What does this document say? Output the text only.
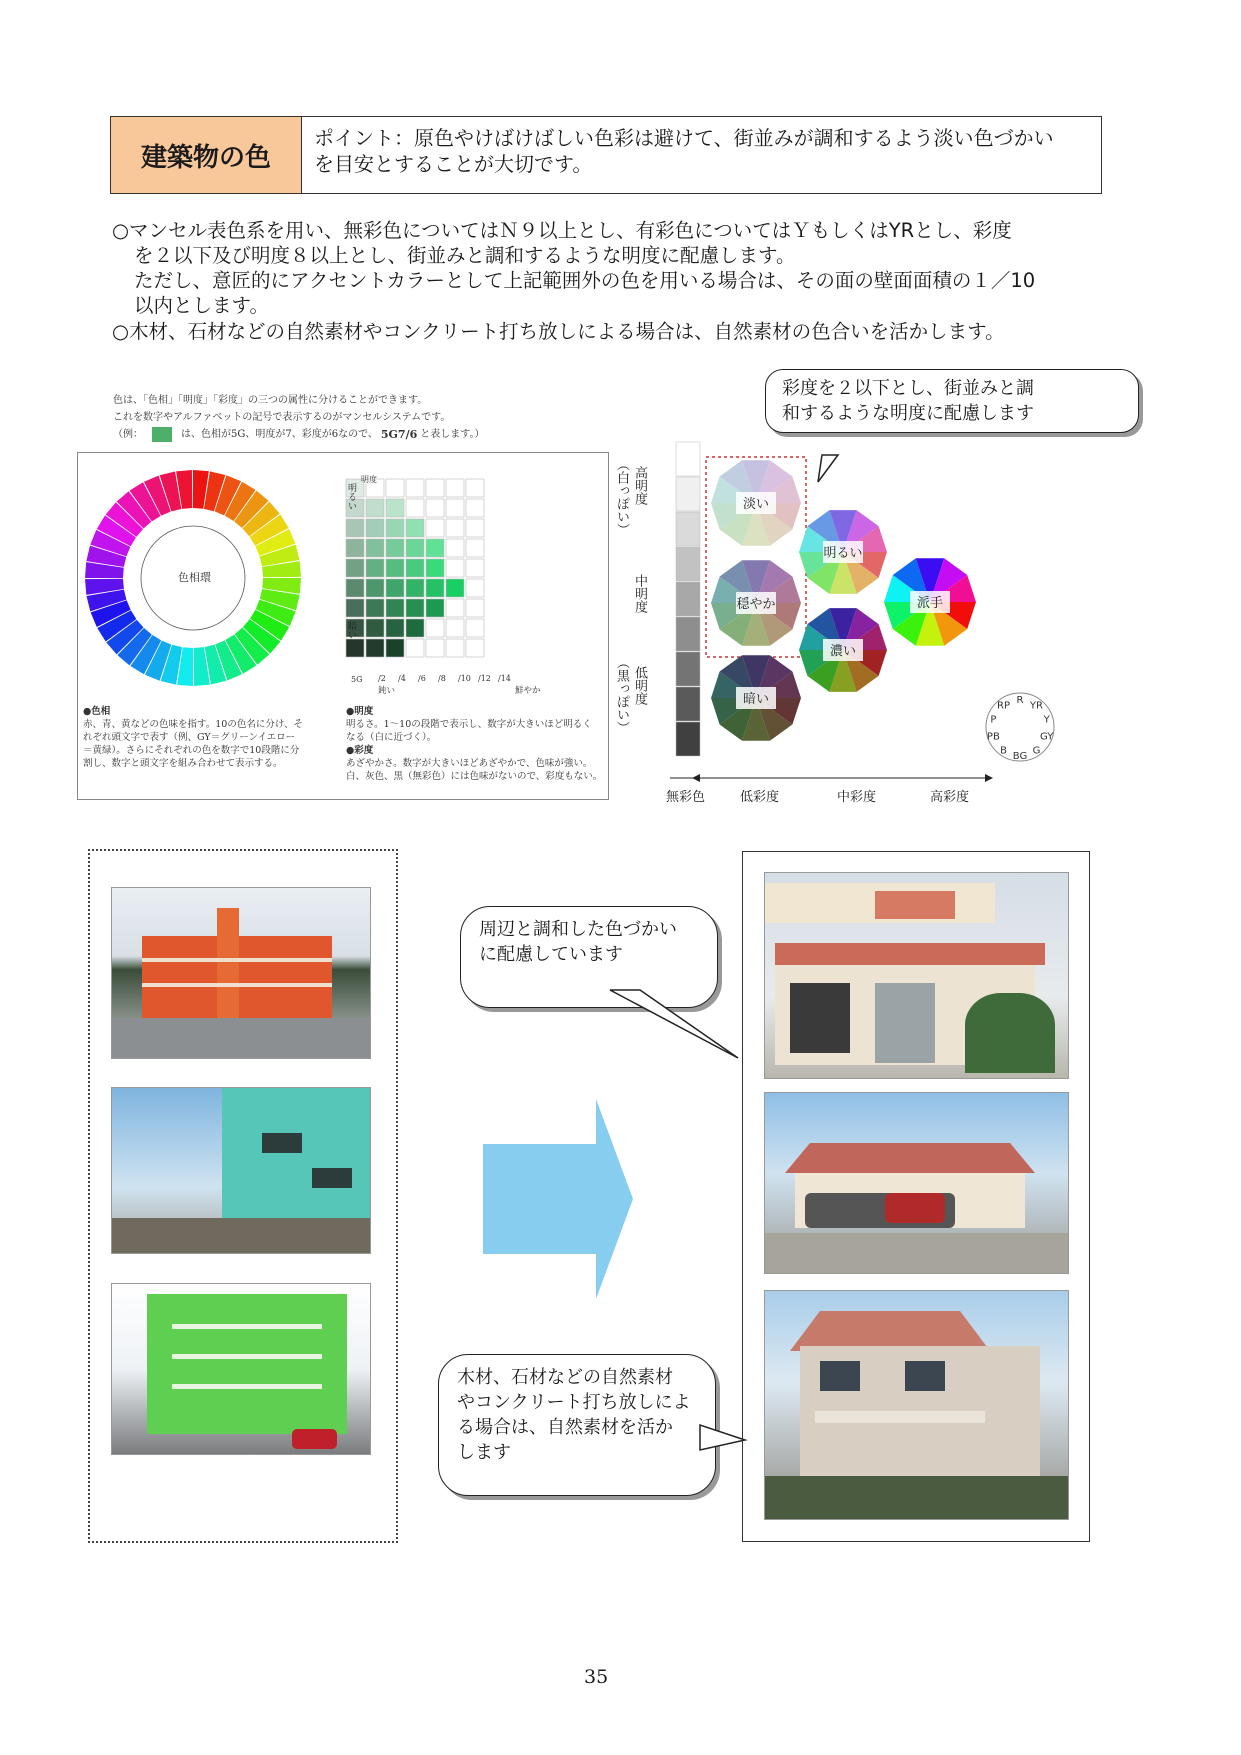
建築物の色
ポイント：原色やけばけばしい色彩は避けて、街並みが調和するよう淡い色づかい
を目安とすることが大切です。
○マンセル表色系を用い、無彩色についてはＮ９以上とし、有彩色についてはＹもしくはYRとし、彩度
を２以下及び明度８以上とし、街並みと調和するような明度に配慮します。
ただし、意匠的にアクセントカラーとして上記範囲外の色を用いる場合は、その面の壁面面積の１／10
以内とします。
○木材、石材などの自然素材やコンクリート打ち放しによる場合は、自然素材の色合いを活かします。
色は、「色相」「明度」「彩度」の三つの属性に分けることができます。
これを数字やアルファベットの記号で表示するのがマンセルシステムです。
（例：	は、色相が5G、明度が7、彩度が6なので、 5G7/6 と表します。）
色相環
明度
明るい
暗い
5G
鈍い	鮮やか
/2 /4 /6 /8 /10 /12 /14
●色相
赤、青、黄などの色味を指す。10の色名に分け、そ
れぞれ頭文字で表す（例、GY＝グリーンイエロー
＝黄緑）。さらにそれぞれの色を数字で10段階に分
割し、数字と頭文字を組み合わせて表示する。
●明度
明るさ。1～10の段階で表示し、数字が大きいほど明るく
なる（白に近づく）。
●彩度
あざやかさ。数字が大きいほどあざやかで、色味が強い。
白、灰色、黒（無彩色）には色味がないので、彩度もない。
彩度を２以下とし、街並みと調
和するような明度に配慮します
淡い
明るい
穏やか	派手
濃い
暗い	R YR
Y
GY
G
BG
B
PB
P
RP
高明度
（白っぽい）
中明度
低明度
（黒っぽい）
無彩色	低彩度	中彩度	高彩度
周辺と調和した色づかい
に配慮しています
木材、石材などの自然素材
やコンクリート打ち放しによ
る場合は、自然素材を活か
します
35
